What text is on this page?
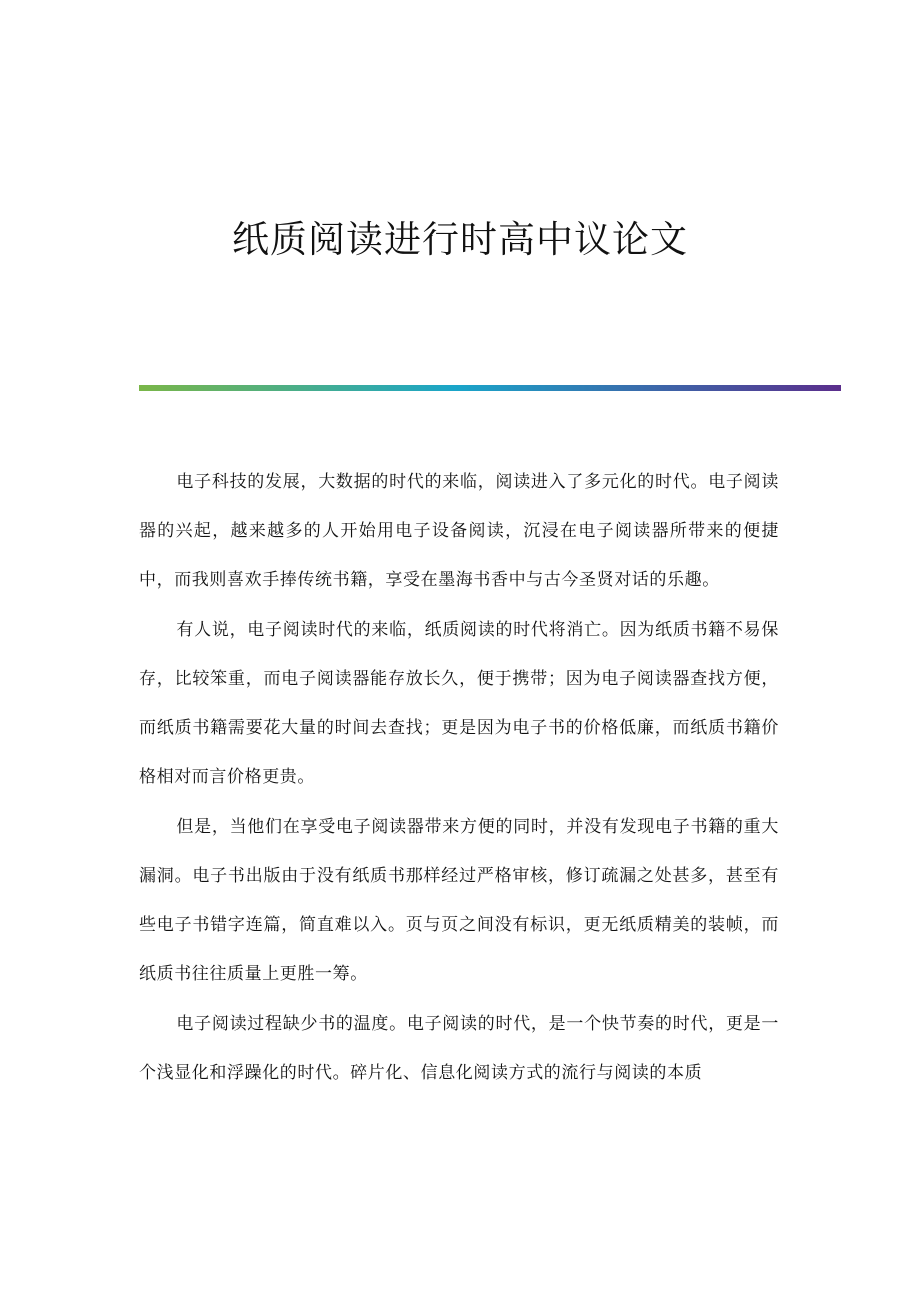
纸质阅读进行时高中议论文

电子科技的发展，大数据的时代的来临，阅读进入了多元化的时代。电子阅读器的兴起，越来越多的人开始用电子设备阅读，沉浸在电子阅读器所带来的便捷中，而我则喜欢手捧传统书籍，享受在墨海书香中与古今圣贤对话的乐趣。

有人说，电子阅读时代的来临，纸质阅读的时代将消亡。因为纸质书籍不易保存，比较笨重，而电子阅读器能存放长久，便于携带；因为电子阅读器查找方便，而纸质书籍需要花大量的时间去查找；更是因为电子书的价格低廉，而纸质书籍价格相对而言价格更贵。

但是，当他们在享受电子阅读器带来方便的同时，并没有发现电子书籍的重大漏洞。电子书出版由于没有纸质书那样经过严格审核，修订疏漏之处甚多，甚至有些电子书错字连篇，简直难以入。页与页之间没有标识，更无纸质精美的装帧，而纸质书往往质量上更胜一筹。

电子阅读过程缺少书的温度。电子阅读的时代，是一个快节奏的时代，更是一个浅显化和浮躁化的时代。碎片化、信息化阅读方式的流行与阅读的本质
